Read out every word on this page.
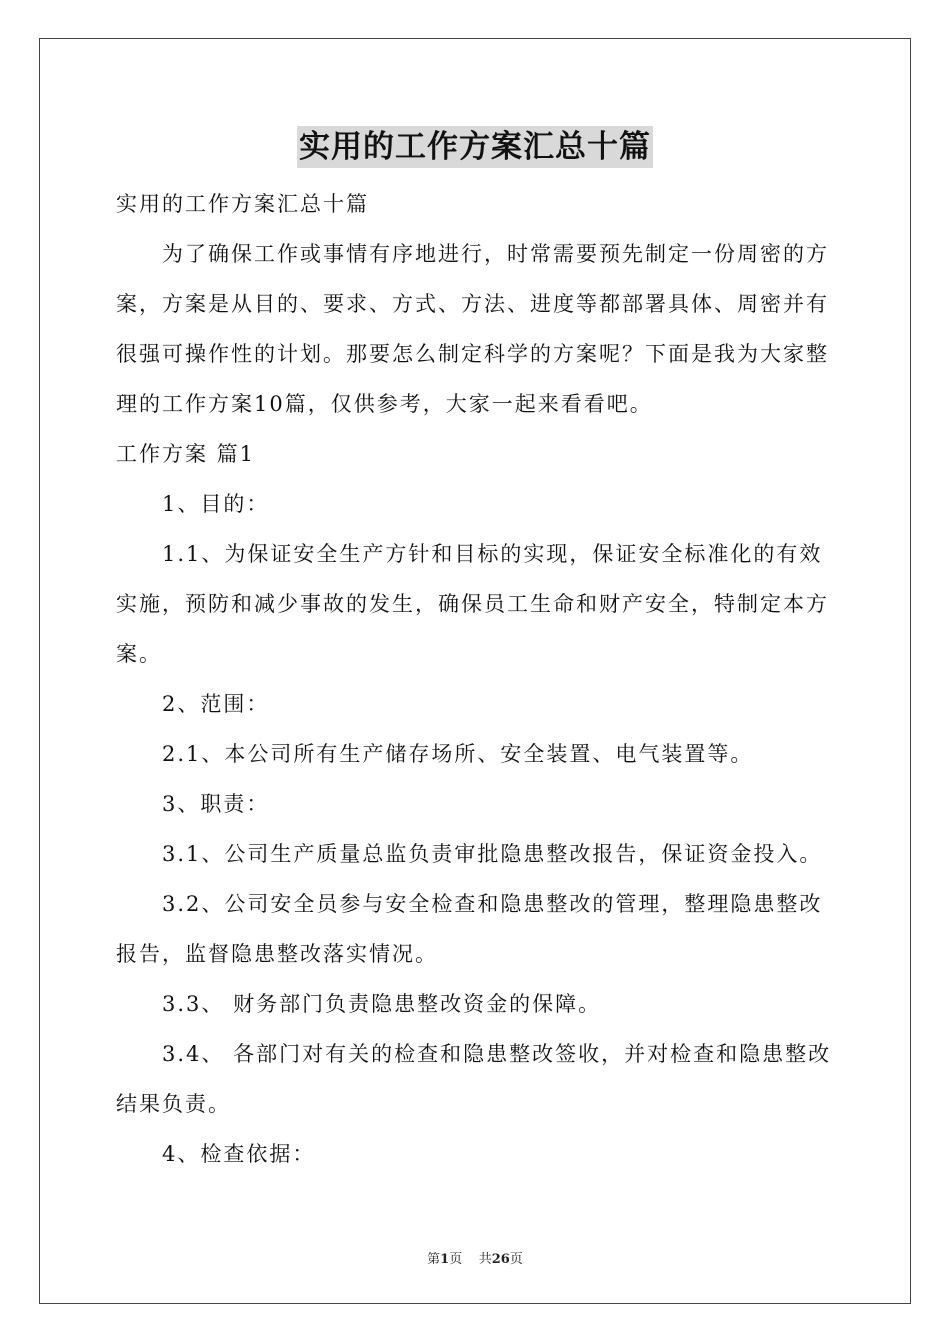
实用的工作方案汇总十篇

实用的工作方案汇总十篇

为了确保工作或事情有序地进行，时常需要预先制定一份周密的方案，方案是从目的、要求、方式、方法、进度等都部署具体、周密并有很强可操作性的计划。那要怎么制定科学的方案呢？下面是我为大家整理的工作方案10篇，仅供参考，大家一起来看看吧。

工作方案 篇1

1、目的：

1.1、为保证安全生产方针和目标的实现，保证安全标准化的有效实施，预防和减少事故的发生，确保员工生命和财产安全，特制定本方案。

2、范围：

2.1、本公司所有生产储存场所、安全装置、电气装置等。

3、职责：

3.1、公司生产质量总监负责审批隐患整改报告，保证资金投入。

3.2、公司安全员参与安全检查和隐患整改的管理，整理隐患整改报告，监督隐患整改落实情况。

3.3、 财务部门负责隐患整改资金的保障。

3.4、 各部门对有关的检查和隐患整改签收，并对检查和隐患整改结果负责。

4、检查依据：

第1页 共26页
